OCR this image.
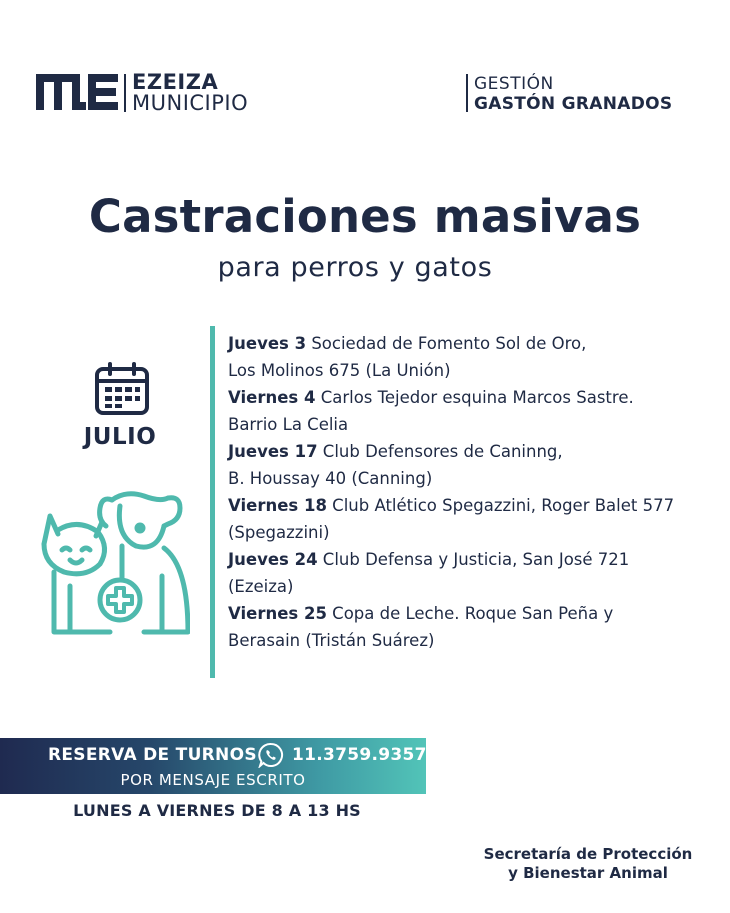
EZEIZA
MUNICIPIO
GESTIÓN
GASTÓN GRANADOS
Castraciones masivas
para perros y gatos
JULIO
Jueves 3 Sociedad de Fomento Sol de Oro,
Los Molinos 675 (La Unión)
Viernes 4 Carlos Tejedor esquina Marcos Sastre.
Barrio La Celia
Jueves 17 Club Defensores de Caninng,
B. Houssay 40 (Canning)
Viernes 18 Club Atlético Spegazzini, Roger Balet 577
(Spegazzini)
Jueves 24 Club Defensa y Justicia, San José 721
(Ezeiza)
Viernes 25 Copa de Leche. Roque San Peña y
Berasain (Tristán Suárez)
RESERVA DE TURNOS 11.3759.9357
POR MENSAJE ESCRITO
LUNES A VIERNES DE 8 A 13 HS
Secretaría de Protección
y Bienestar Animal
